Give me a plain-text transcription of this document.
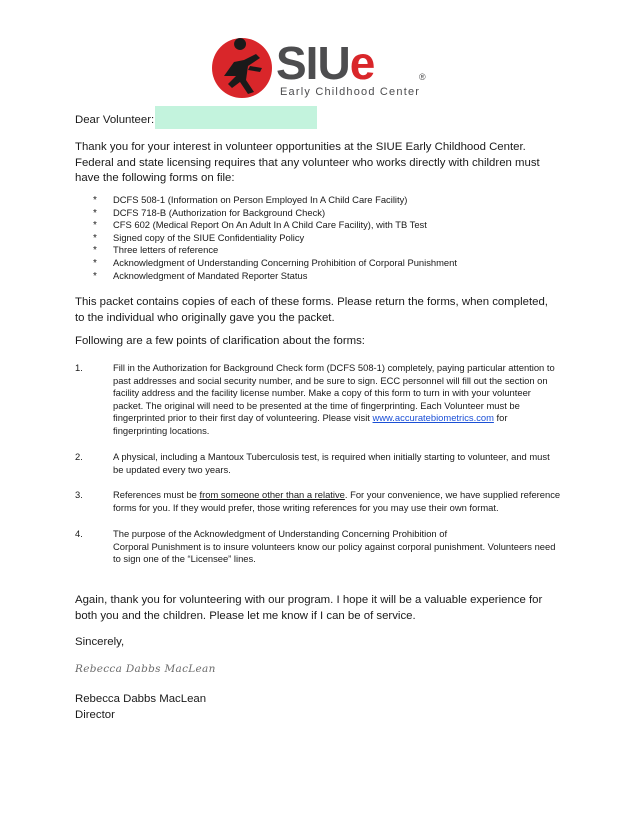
SIUe	®
Early Childhood Center
Dear Volunteer:

Thank you for your interest in volunteer opportunities at the SIUE Early Childhood Center. Federal and state licensing requires that any volunteer who works directly with children must have the following forms on file:

* DCFS 508-1 (Information on Person Employed In A Child Care Facility)
* DCFS 718-B (Authorization for Background Check)
* CFS 602 (Medical Report On An Adult In A Child Care Facility), with TB Test
* Signed copy of the SIUE Confidentiality Policy
* Three letters of reference
* Acknowledgment of Understanding Concerning Prohibition of Corporal Punishment
* Acknowledgment of Mandated Reporter Status

This packet contains copies of each of these forms. Please return the forms, when completed, to the individual who originally gave you the packet.

Following are a few points of clarification about the forms:

1.	Fill in the Authorization for Background Check form (DCFS 508-1) completely, paying particular attention to past addresses and social security number, and be sure to sign. ECC personnel will fill out the section on facility address and the facility license number. Make a copy of this form to turn in with your volunteer packet. The original will need to be presented at the time of fingerprinting. Each Volunteer must be fingerprinted prior to their first day of volunteering. Please visit www.accuratebiometrics.com for fingerprinting locations.
2.	A physical, including a Mantoux Tuberculosis test, is required when initially starting to volunteer, and must be updated every two years.
3.	References must be from someone other than a relative. For your convenience, we have supplied reference forms for you. If they would prefer, those writing references for you may use their own format.
4.	The purpose of the Acknowledgment of Understanding Concerning Prohibition of
Corporal Punishment is to insure volunteers know our policy against corporal punishment. Volunteers need to sign one of the “Licensee” lines.

Again, thank you for volunteering with our program. I hope it will be a valuable experience for both you and the children. Please let me know if I can be of service.

Sincerely,

Rebecca Dabbs MacLean

Rebecca Dabbs MacLean

Director
